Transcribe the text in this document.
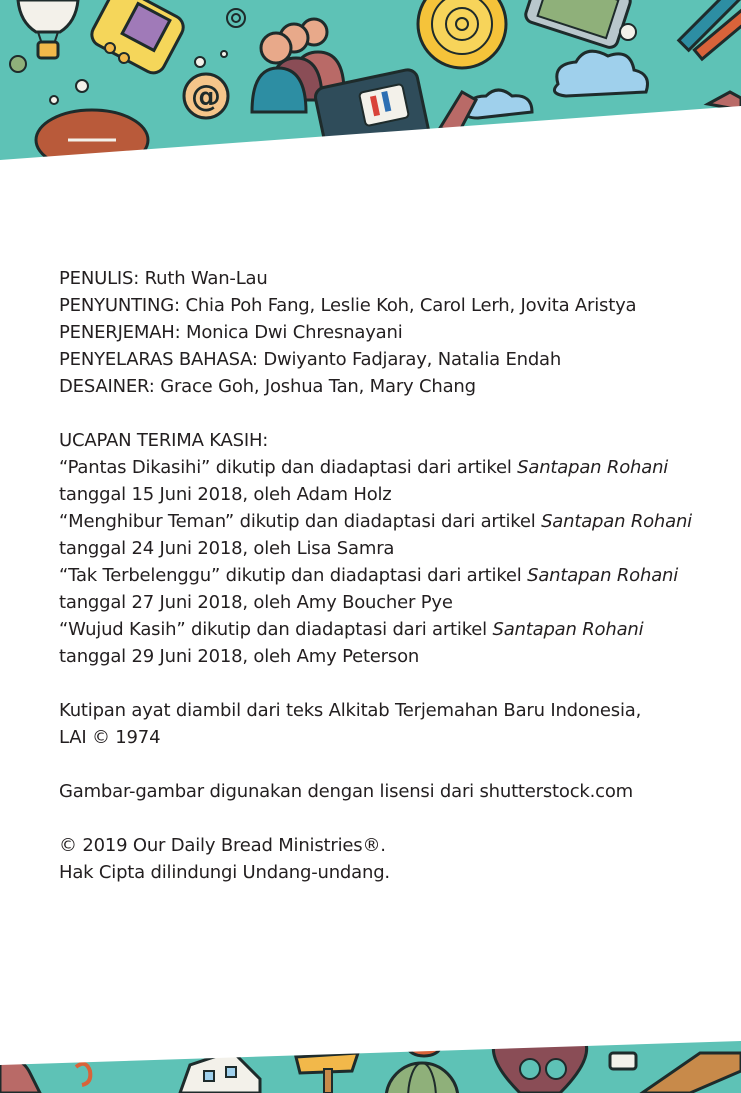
@

PENULIS: Ruth Wan-Lau

PENYUNTING: Chia Poh Fang, Leslie Koh, Carol Lerh, Jovita Aristya

PENERJEMAH: Monica Dwi Chresnayani

PENYELARAS BAHASA: Dwiyanto Fadjaray, Natalia Endah

DESAINER: Grace Goh, Joshua Tan, Mary Chang

UCAPAN TERIMA KASIH:

“Pantas Dikasihi” dikutip dan diadaptasi dari artikel Santapan Rohani

tanggal 15 Juni 2018, oleh Adam Holz

“Menghibur Teman” dikutip dan diadaptasi dari artikel Santapan Rohani

tanggal 24 Juni 2018, oleh Lisa Samra

“Tak Terbelenggu” dikutip dan diadaptasi dari artikel Santapan Rohani

tanggal 27 Juni 2018, oleh Amy Boucher Pye

“Wujud Kasih” dikutip dan diadaptasi dari artikel Santapan Rohani

tanggal 29 Juni 2018, oleh Amy Peterson

Kutipan ayat diambil dari teks Alkitab Terjemahan Baru Indonesia,

LAI © 1974

Gambar-gambar digunakan dengan lisensi dari shutterstock.com

© 2019 Our Daily Bread Ministries®.

Hak Cipta dilindungi Undang-undang.
